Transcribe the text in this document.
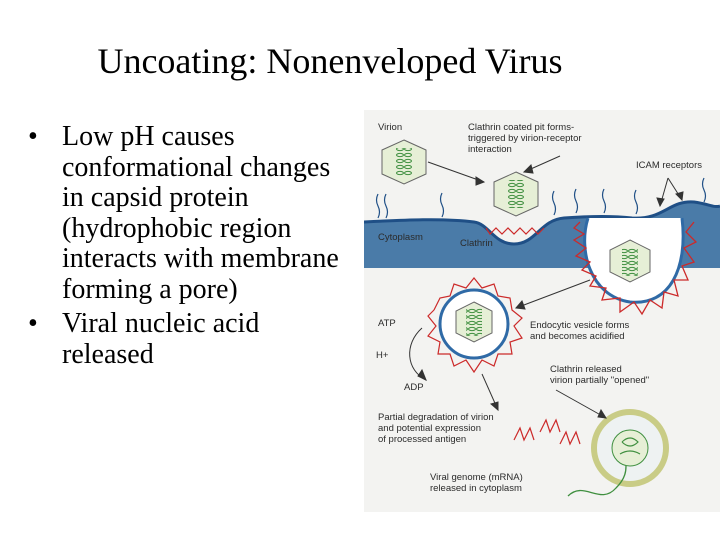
Uncoating: Nonenveloped Virus
• Low pH causes conformational changes in capsid protein (hydrophobic region interacts with membrane forming a pore)
• Viral nucleic acid released
Virion	Clathrin coated pit forms-
triggered by virion-receptor
interaction
ICAM receptors
Cytoplasm
Clathrin
ATP
H+
ADP
Endocytic vesicle forms
and becomes acidified
Clathrin released
virion partially "opened"
Partial degradation of virion
and potential expression
of processed antigen
Viral genome (mRNA)
released in cytoplasm
